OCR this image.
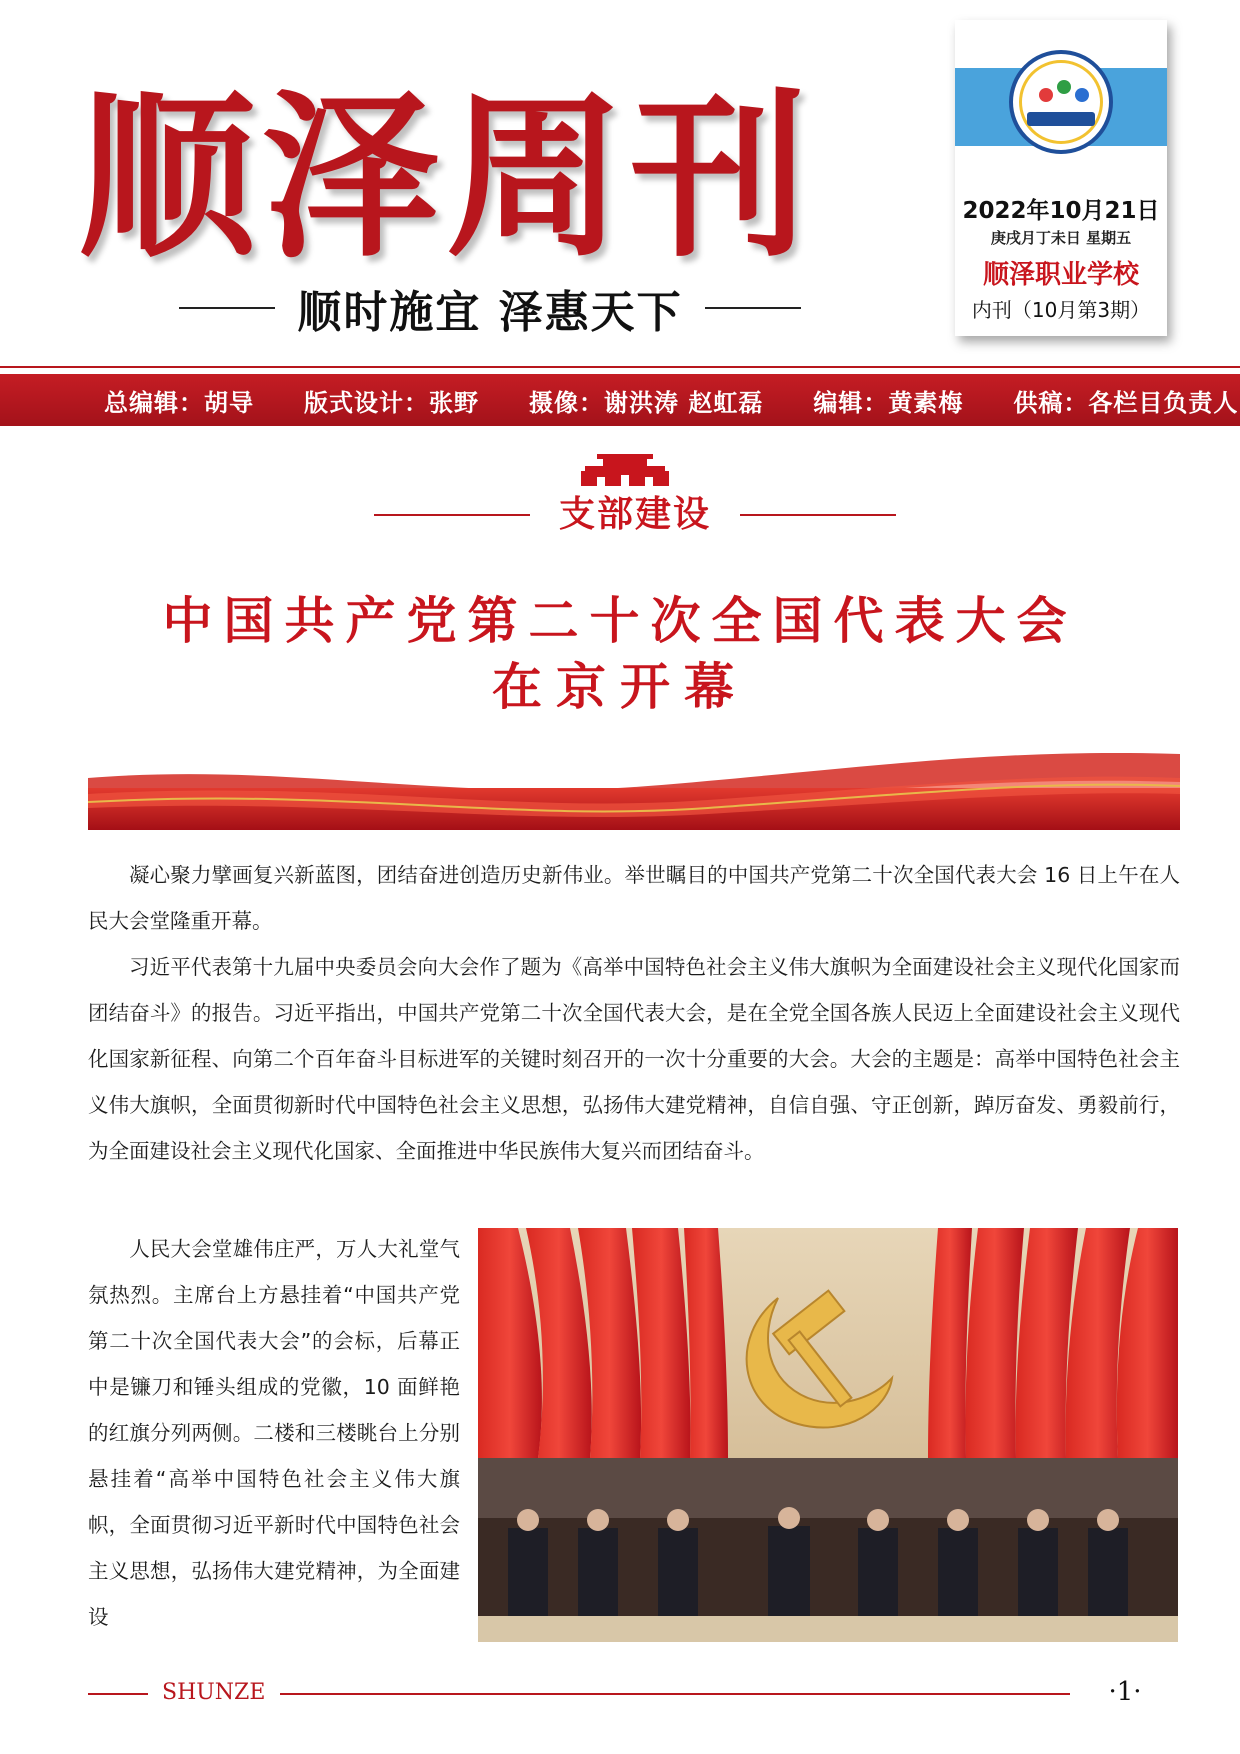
顺泽周刊
顺时施宜 泽惠天下
2022年10月21日
庚戌月丁未日 星期五
顺泽职业学校
内刊（10月第3期）
总编辑：胡导　　版式设计：张野　　摄像：谢洪涛 赵虹磊　　编辑：黄素梅　　供稿：各栏目负责人
支部建设
中国共产党第二十次全国代表大会
在京开幕
凝心聚力擘画复兴新蓝图，团结奋进创造历史新伟业。举世瞩目的中国共产党第二十次全国代表大会 16 日上午在人民大会堂隆重开幕。
习近平代表第十九届中央委员会向大会作了题为《高举中国特色社会主义伟大旗帜为全面建设社会主义现代化国家而团结奋斗》的报告。习近平指出，中国共产党第二十次全国代表大会，是在全党全国各族人民迈上全面建设社会主义现代化国家新征程、向第二个百年奋斗目标进军的关键时刻召开的一次十分重要的大会。大会的主题是：高举中国特色社会主义伟大旗帜，全面贯彻新时代中国特色社会主义思想，弘扬伟大建党精神，自信自强、守正创新，踔厉奋发、勇毅前行，为全面建设社会主义现代化国家、全面推进中华民族伟大复兴而团结奋斗。
人民大会堂雄伟庄严，万人大礼堂气氛热烈。主席台上方悬挂着“中国共产党第二十次全国代表大会”的会标，后幕正中是镰刀和锤头组成的党徽，10 面鲜艳的红旗分列两侧。二楼和三楼眺台上分别悬挂着“高举中国特色社会主义伟大旗帜，全面贯彻习近平新时代中国特色社会主义思想，弘扬伟大建党精神，为全面建设
SHUNZE	·1·
